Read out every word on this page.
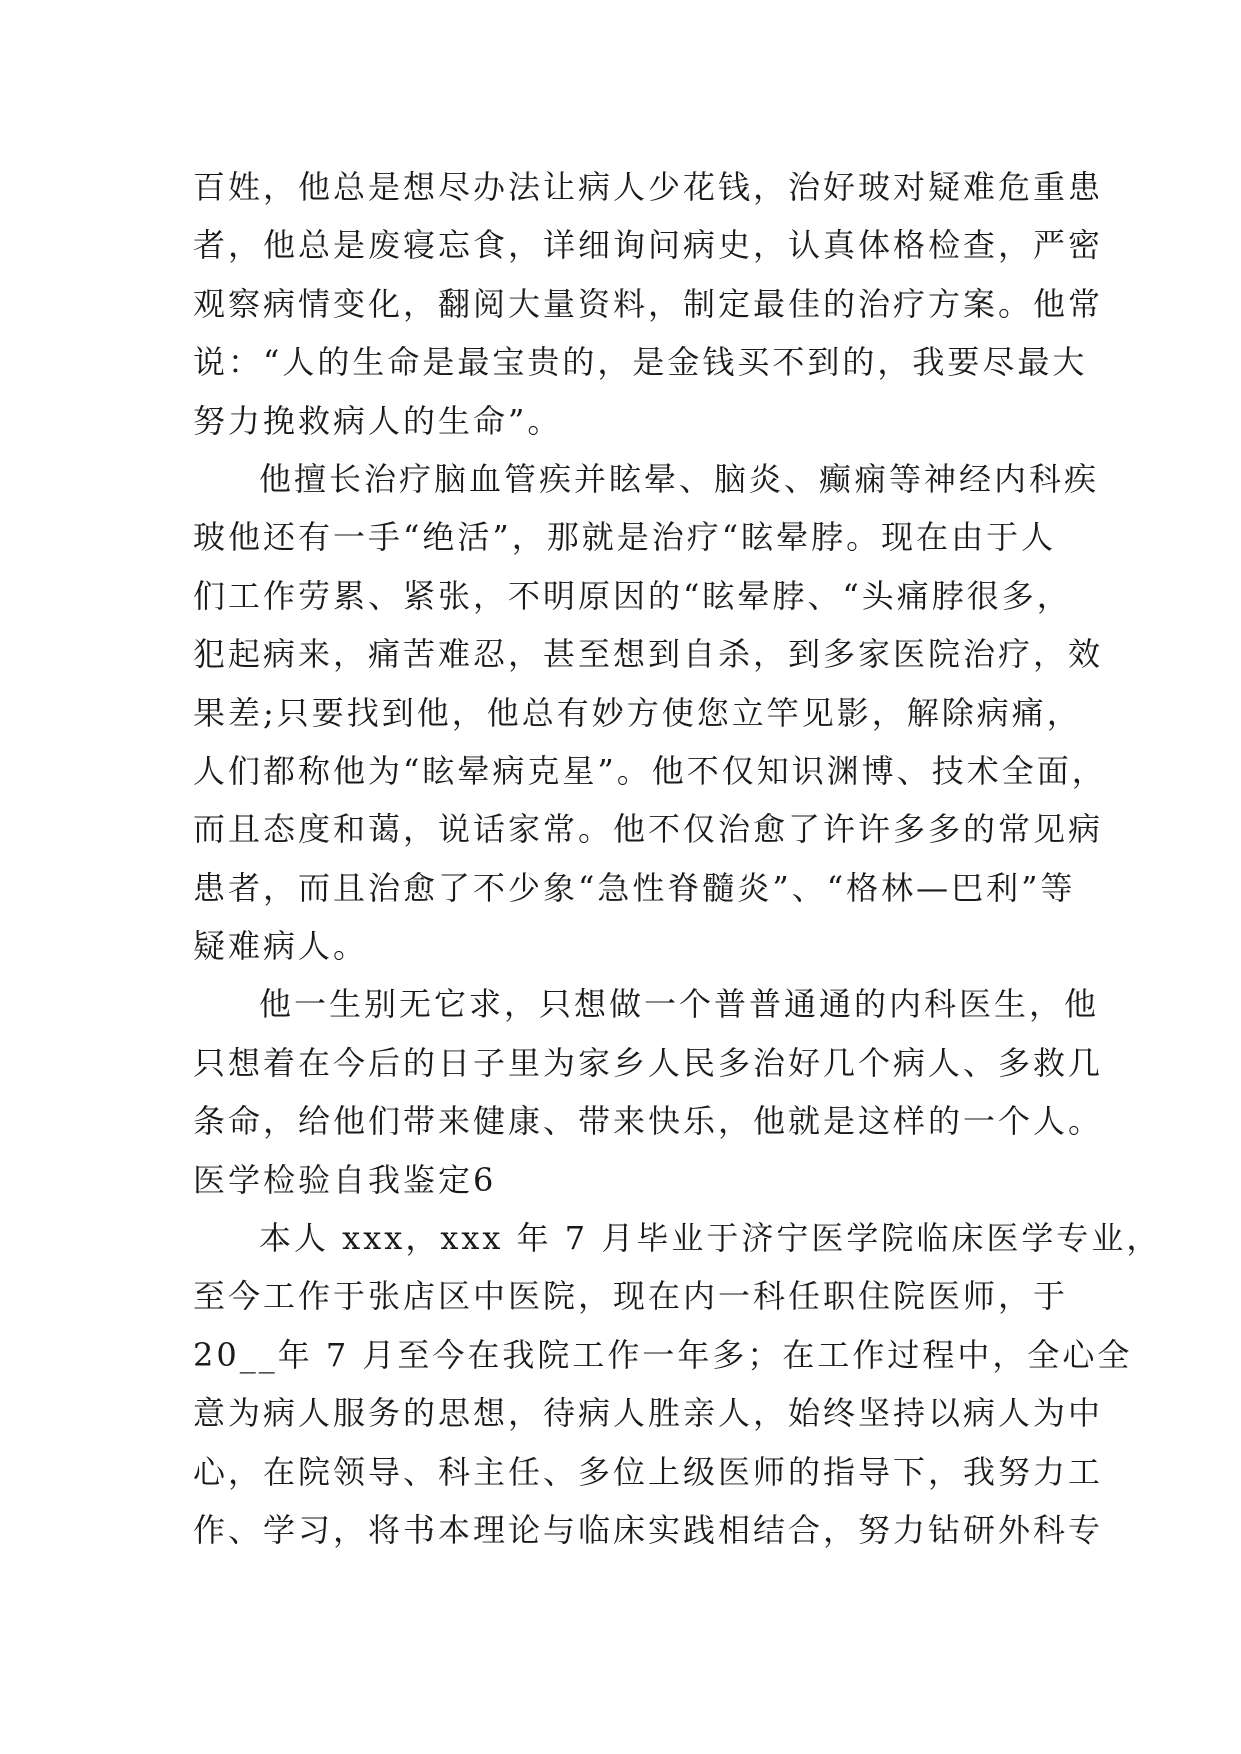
百姓，他总是想尽办法让病人少花钱，治好玻对疑难危重患
者，他总是废寝忘食，详细询问病史，认真体格检查，严密
观察病情变化，翻阅大量资料，制定最佳的治疗方案。他常
说：“人的生命是最宝贵的，是金钱买不到的，我要尽最大
努力挽救病人的生命”。
他擅长治疗脑血管疾并眩晕、脑炎、癫痫等神经内科疾
玻他还有一手“绝活”，那就是治疗“眩晕脖。现在由于人
们工作劳累、紧张，不明原因的“眩晕脖、“头痛脖很多，
犯起病来，痛苦难忍，甚至想到自杀，到多家医院治疗，效
果差;只要找到他，他总有妙方使您立竿见影，解除病痛，
人们都称他为“眩晕病克星”。他不仅知识渊博、技术全面，
而且态度和蔼，说话家常。他不仅治愈了许许多多的常见病
患者，而且治愈了不少象“急性脊髓炎”、“格林—巴利”等
疑难病人。
他一生别无它求，只想做一个普普通通的内科医生，他
只想着在今后的日子里为家乡人民多治好几个病人、多救几
条命，给他们带来健康、带来快乐，他就是这样的一个人。
医学检验自我鉴定6
本人 xxx，xxx 年 7 月毕业于济宁医学院临床医学专业，
至今工作于张店区中医院，现在内一科任职住院医师，于
20__年 7 月至今在我院工作一年多；在工作过程中，全心全
意为病人服务的思想，待病人胜亲人，始终坚持以病人为中
心，在院领导、科主任、多位上级医师的指导下，我努力工
作、学习，将书本理论与临床实践相结合，努力钻研外科专
